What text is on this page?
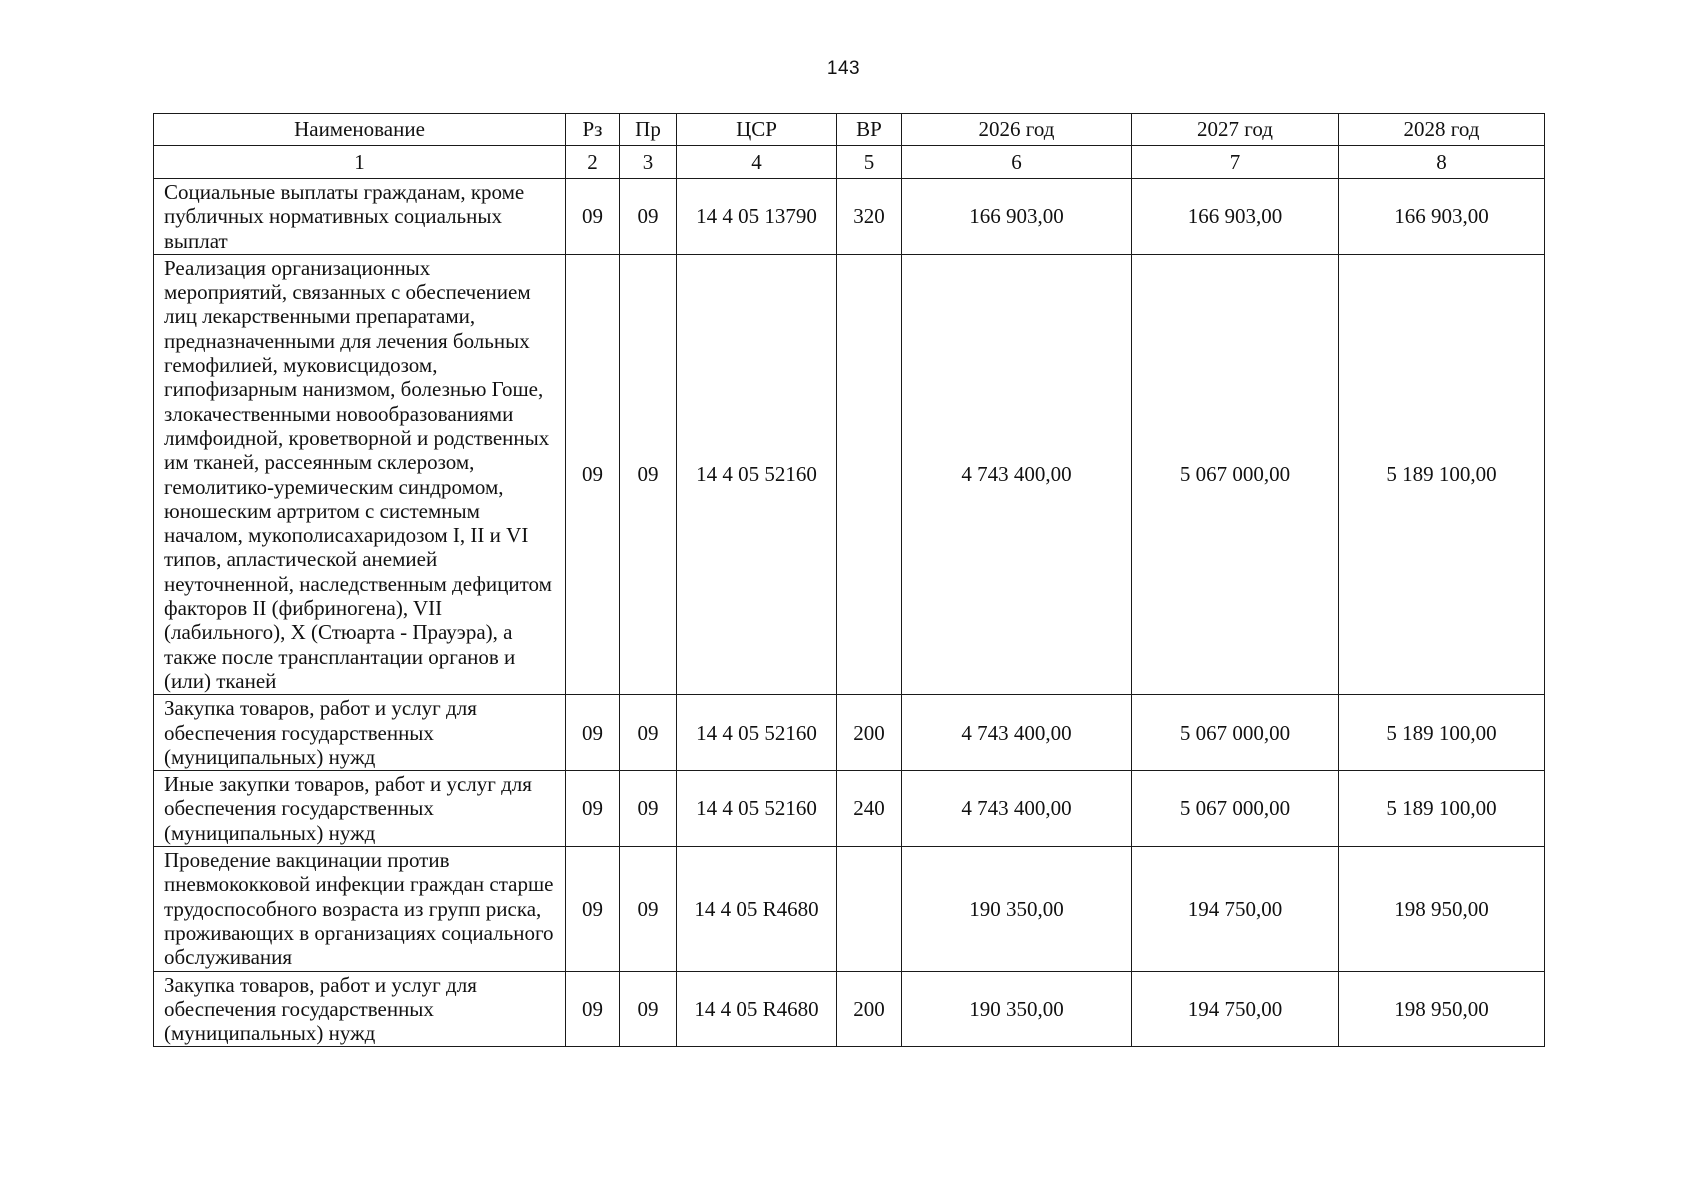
143
Наименование	Рз	Пр	ЦСР	ВР	2026 год	2027 год	2028 год
1	2	3	4	5	6	7	8
Социальные выплаты гражданам, кроме публичных нормативных социальных выплат	09	09	14 4 05 13790	320	166 903,00	166 903,00	166 903,00
Реализация организационных мероприятий, связанных с обеспечением лиц лекарственными препаратами, предназначенными для лечения больных гемофилией, муковисцидозом, гипофизарным нанизмом, болезнью Гоше, злокачественными новообразованиями лимфоидной, кроветворной и родственных им тканей, рассеянным склерозом, гемолитико-уремическим синдромом, юношеским артритом с системным началом, мукополисахаридозом I, II и VI типов, апластической анемией неуточненной, наследственным дефицитом факторов II (фибриногена), VII (лабильного), X (Стюарта - Прауэра), а также после трансплантации органов и (или) тканей	09	09	14 4 05 52160		4 743 400,00	5 067 000,00	5 189 100,00
Закупка товаров, работ и услуг для обеспечения государственных (муниципальных) нужд	09	09	14 4 05 52160	200	4 743 400,00	5 067 000,00	5 189 100,00
Иные закупки товаров, работ и услуг для обеспечения государственных (муниципальных) нужд	09	09	14 4 05 52160	240	4 743 400,00	5 067 000,00	5 189 100,00
Проведение вакцинации против пневмококковой инфекции граждан старше трудоспособного возраста из групп риска, проживающих в организациях социального обслуживания	09	09	14 4 05 R4680		190 350,00	194 750,00	198 950,00
Закупка товаров, работ и услуг для обеспечения государственных (муниципальных) нужд	09	09	14 4 05 R4680	200	190 350,00	194 750,00	198 950,00
